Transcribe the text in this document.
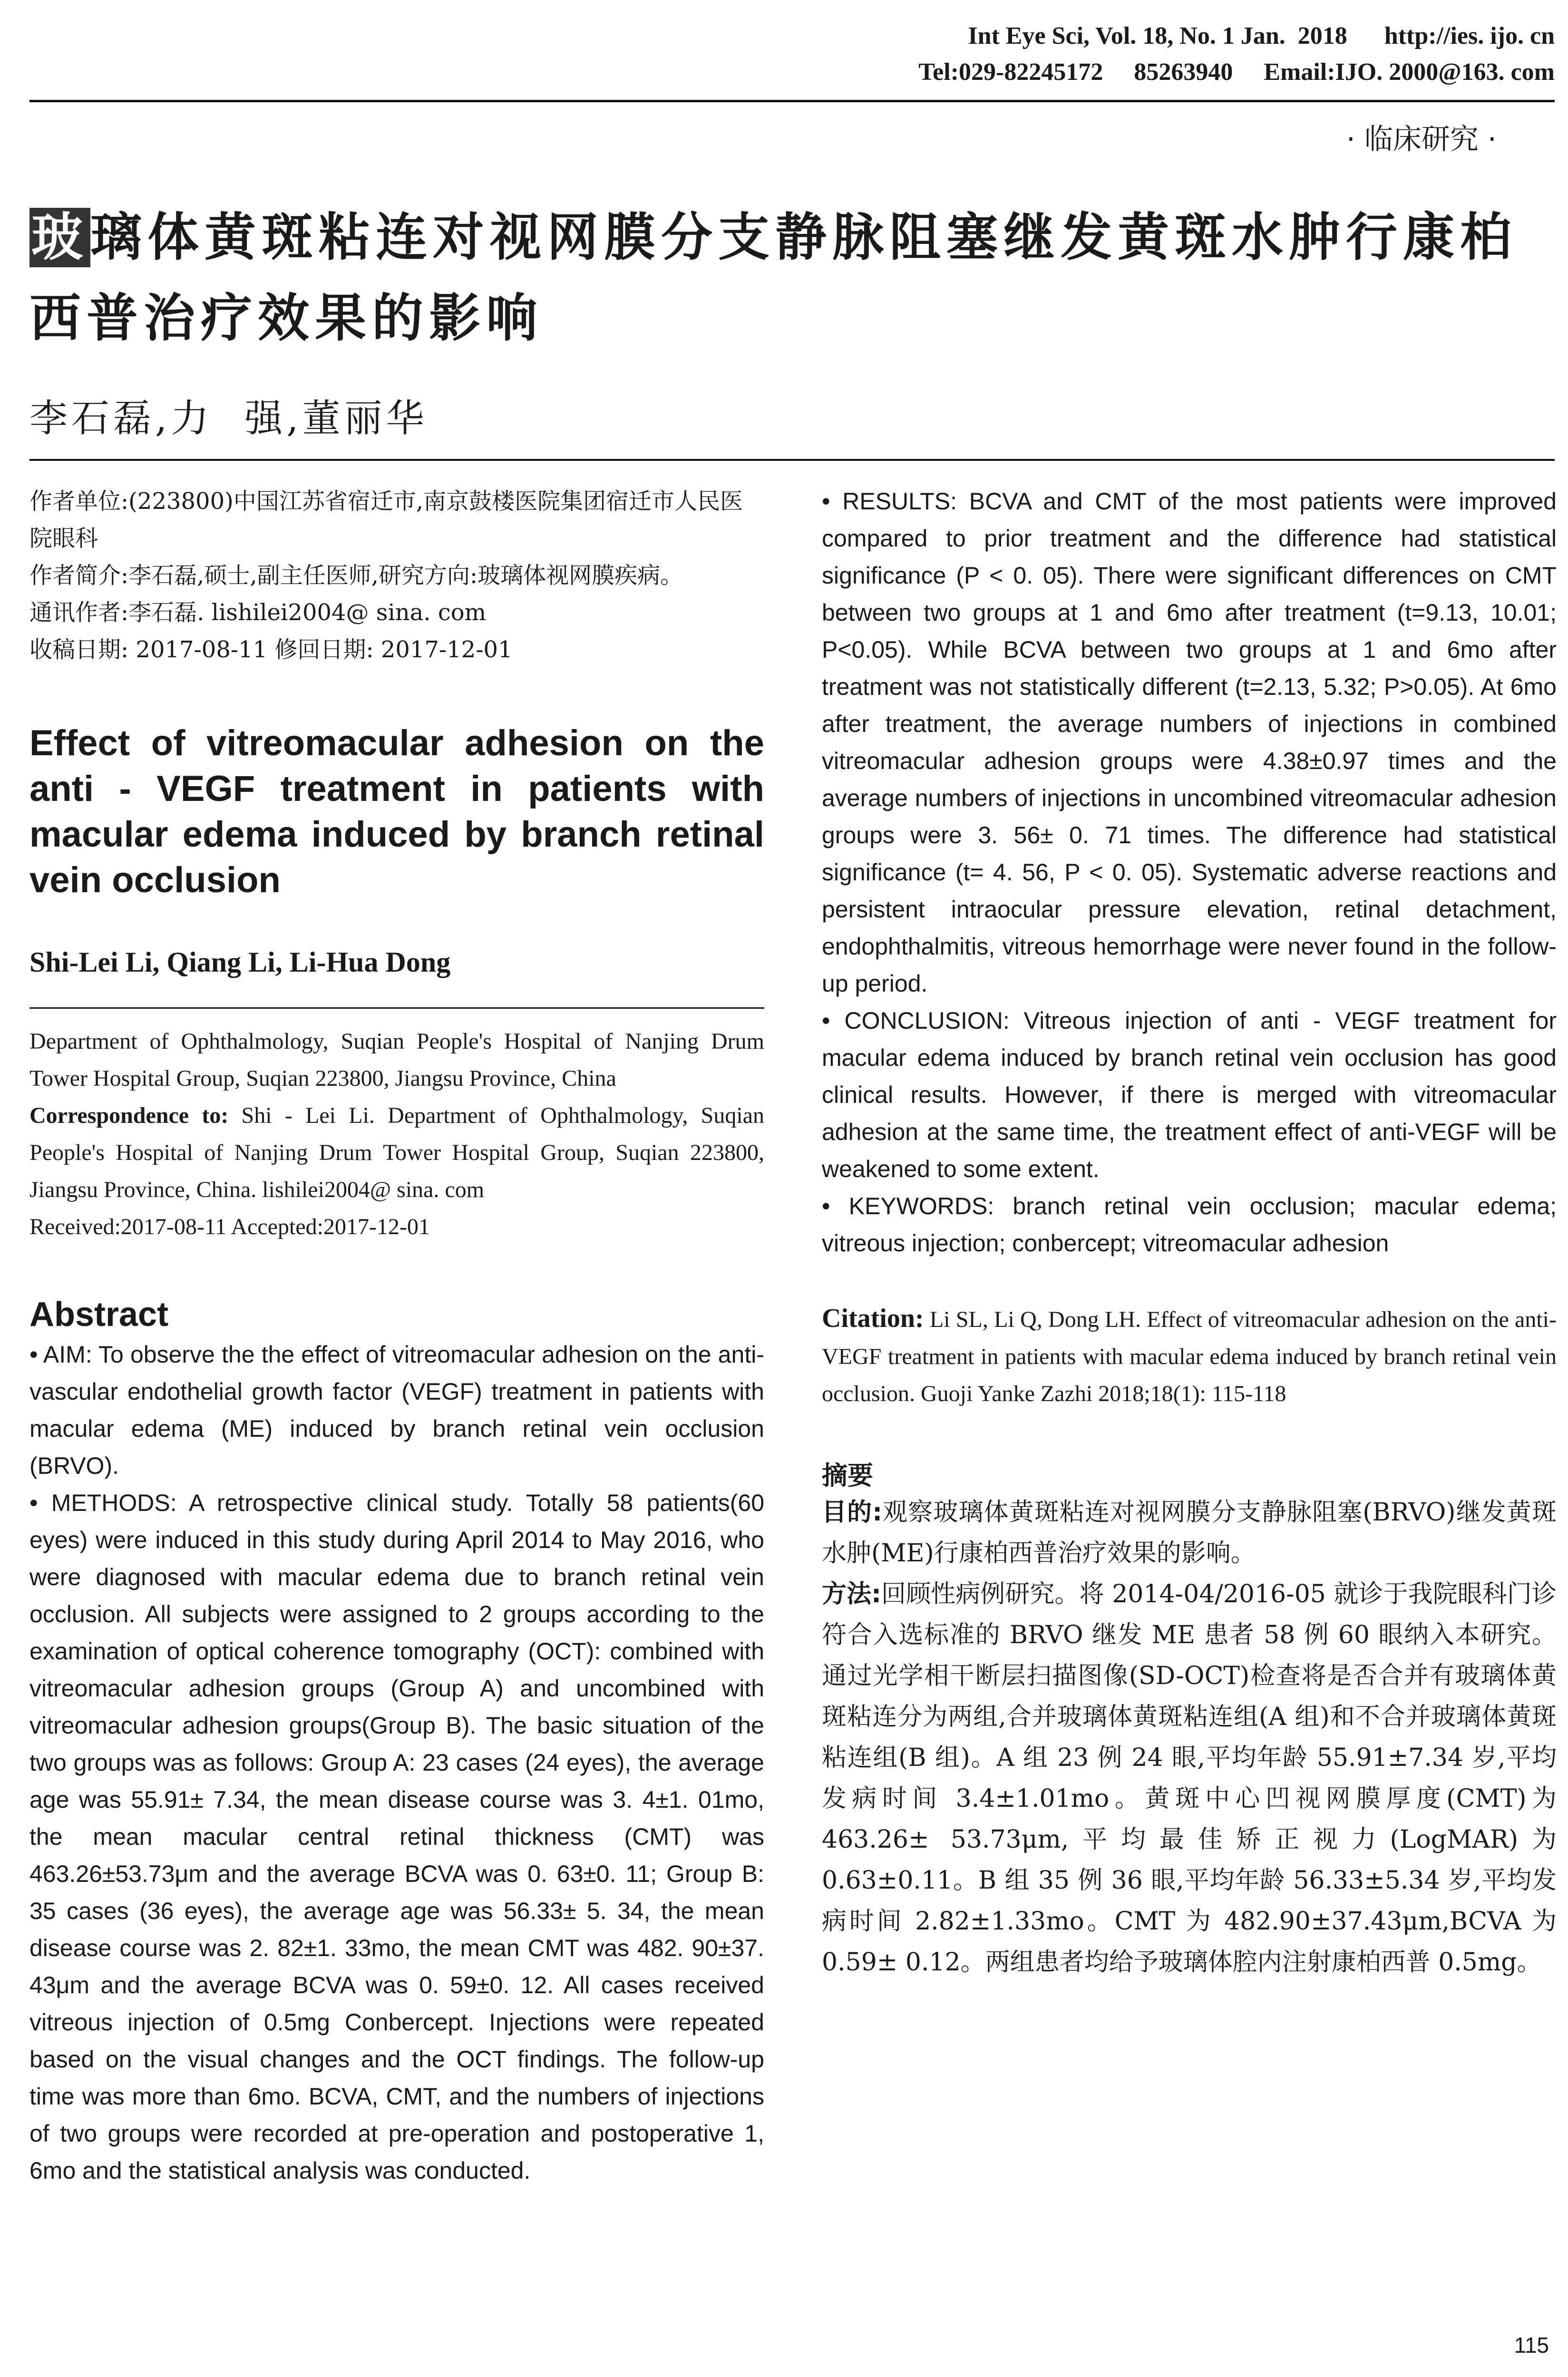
Int Eye Sci, Vol. 18, No. 1 Jan.  2018 http://ies. ijo. cn
Tel:029-82245172     85263940 Email:IJO. 2000@163. com
· 临床研究 ·
玻璃体黄斑粘连对视网膜分支静脉阻塞继发黄斑水肿行康柏西普治疗效果的影响
李石磊,力  强,董丽华

作者单位:(223800)中国江苏省宿迁市,南京鼓楼医院集团宿迁市人民医院眼科

作者简介:李石磊,硕士,副主任医师,研究方向:玻璃体视网膜疾病。

通讯作者:李石磊. lishilei2004@ sina. com

收稿日期: 2017-08-11 修回日期: 2017-12-01

Effect of vitreomacular adhesion on the anti - VEGF treatment in patients with macular edema induced by branch retinal vein occlusion
Shi-Lei Li, Qiang Li, Li-Hua Dong

Department of Ophthalmology, Suqian People's Hospital of Nanjing Drum Tower Hospital Group, Suqian 223800, Jiangsu Province, China

Correspondence to: Shi - Lei Li. Department of Ophthalmology, Suqian People's Hospital of Nanjing Drum Tower Hospital Group, Suqian 223800, Jiangsu Province, China. lishilei2004@ sina. com

Received:2017-08-11 Accepted:2017-12-01

Abstract

• AIM: To observe the the effect of vitreomacular adhesion on the anti- vascular endothelial growth factor (VEGF) treatment in patients with macular edema (ME) induced by branch retinal vein occlusion (BRVO).

• METHODS: A retrospective clinical study. Totally 58 patients(60 eyes) were induced in this study during April 2014 to May 2016, who were diagnosed with macular edema due to branch retinal vein occlusion. All subjects were assigned to 2 groups according to the examination of optical coherence tomography (OCT): combined with vitreomacular adhesion groups (Group A) and uncombined with vitreomacular adhesion groups(Group B). The basic situation of the two groups was as follows: Group A: 23 cases (24 eyes), the average age was 55.91± 7.34, the mean disease course was 3. 4±1. 01mo, the mean macular central retinal thickness (CMT) was 463.26±53.73μm and the average BCVA was 0. 63±0. 11; Group B: 35 cases (36 eyes), the average age was 56.33± 5. 34, the mean disease course was 2. 82±1. 33mo, the mean CMT was 482. 90±37. 43μm and the average BCVA was 0. 59±0. 12. All cases received vitreous injection of 0.5mg Conbercept. Injections were repeated based on the visual changes and the OCT findings. The follow-up time was more than 6mo. BCVA, CMT, and the numbers of injections of two groups were recorded at pre-operation and postoperative 1, 6mo and the statistical analysis was conducted.

• RESULTS: BCVA and CMT of the most patients were improved compared to prior treatment and the difference had statistical significance (P < 0. 05). There were significant differences on CMT between two groups at 1 and 6mo after treatment (t=9.13, 10.01; P<0.05). While BCVA between two groups at 1 and 6mo after treatment was not statistically different (t=2.13, 5.32; P>0.05). At 6mo after treatment, the average numbers of injections in combined vitreomacular adhesion groups were 4.38±0.97 times and the average numbers of injections in uncombined vitreomacular adhesion groups were 3. 56± 0. 71 times. The difference had statistical significance (t= 4. 56, P < 0. 05). Systematic adverse reactions and persistent intraocular pressure elevation, retinal detachment, endophthalmitis, vitreous hemorrhage were never found in the follow-up period.

• CONCLUSION: Vitreous injection of anti - VEGF treatment for macular edema induced by branch retinal vein occlusion has good clinical results. However, if there is merged with vitreomacular adhesion at the same time, the treatment effect of anti-VEGF will be weakened to some extent.

• KEYWORDS: branch retinal vein occlusion; macular edema; vitreous injection; conbercept; vitreomacular adhesion

Citation: Li SL, Li Q, Dong LH. Effect of vitreomacular adhesion on the anti-VEGF treatment in patients with macular edema induced by branch retinal vein occlusion. Guoji Yanke Zazhi 2018;18(1): 115-118
摘要

目的:观察玻璃体黄斑粘连对视网膜分支静脉阻塞(BRVO)继发黄斑水肿(ME)行康柏西普治疗效果的影响。

方法:回顾性病例研究。将 2014-04/2016-05 就诊于我院眼科门诊符合入选标准的 BRVO 继发 ME 患者 58 例 60 眼纳入本研究。通过光学相干断层扫描图像(SD-OCT)检查将是否合并有玻璃体黄斑粘连分为两组,合并玻璃体黄斑粘连组(A 组)和不合并玻璃体黄斑粘连组(B 组)。A 组 23 例 24 眼,平均年龄 55.91±7.34 岁,平均发病时间 3.4±1.01mo。黄斑中心凹视网膜厚度(CMT)为 463.26± 53.73μm,平均最佳矫正视力(LogMAR)为 0.63±0.11。B 组 35 例 36 眼,平均年龄 56.33±5.34 岁,平均发病时间 2.82±1.33mo。CMT 为 482.90±37.43μm,BCVA 为 0.59± 0.12。两组患者均给予玻璃体腔内注射康柏西普 0.5mg。

115
